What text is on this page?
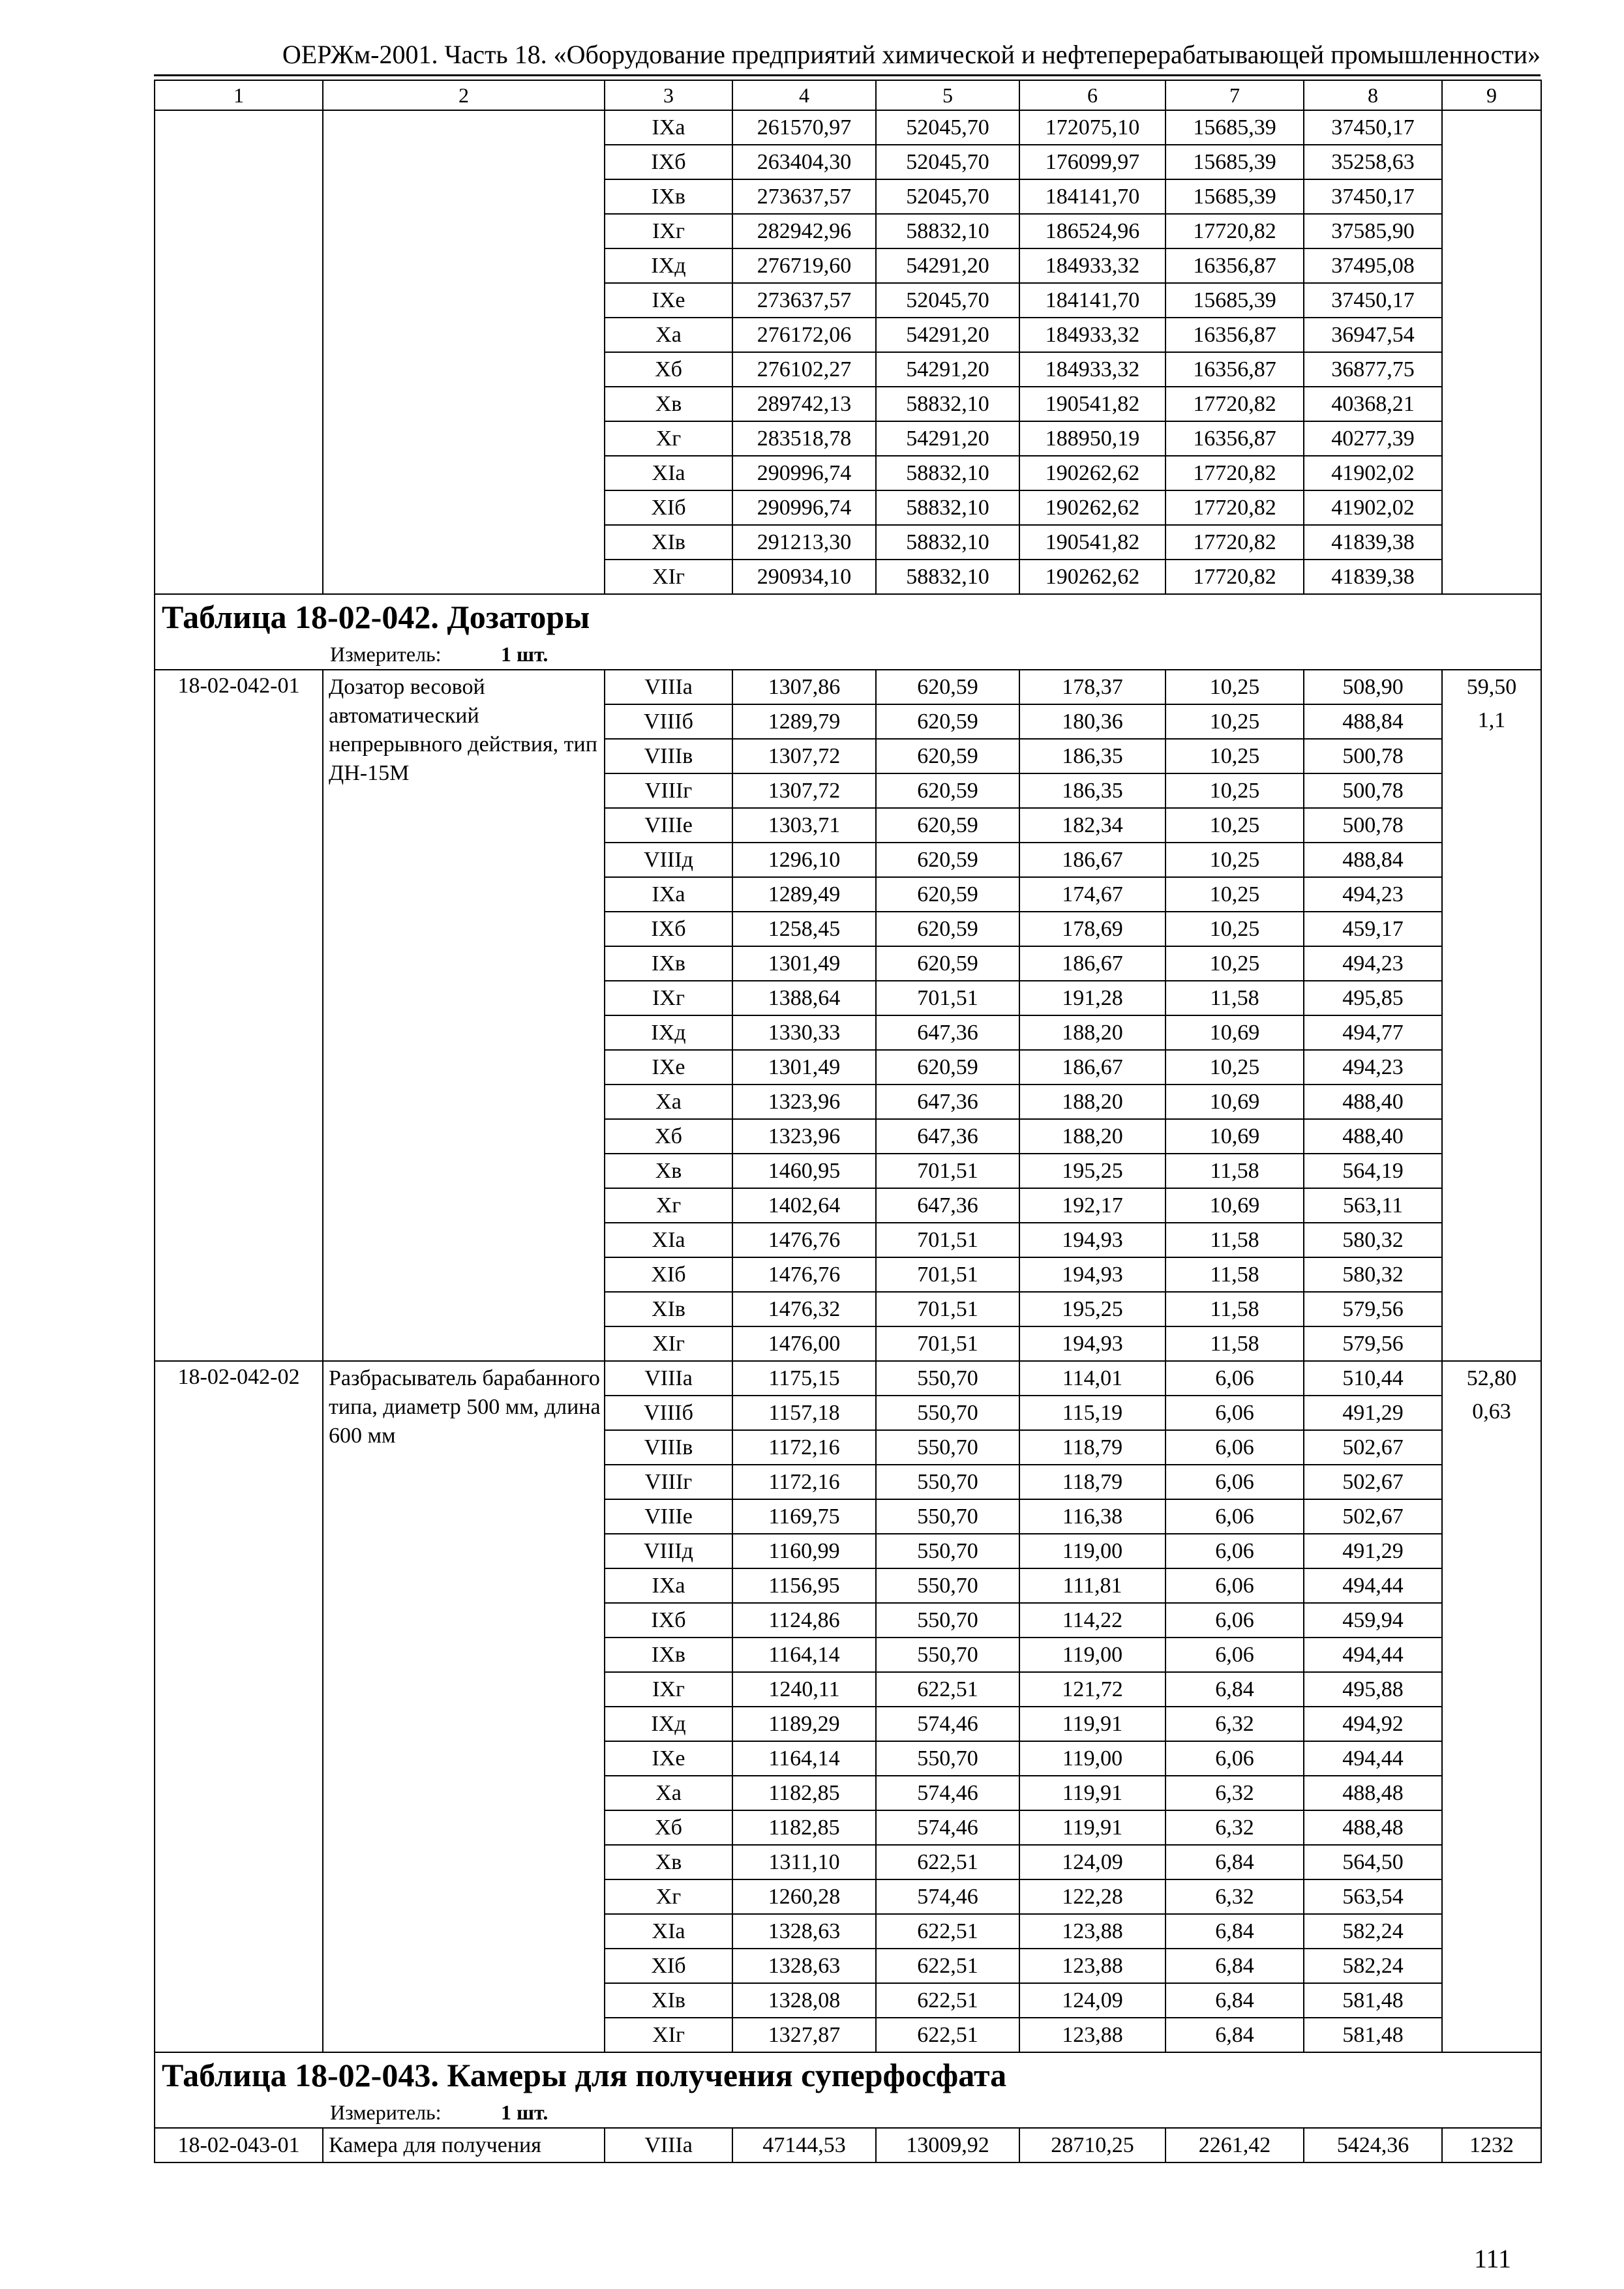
ОЕРЖм-2001. Часть 18. «Оборудование предприятий химической и нефтеперерабатывающей промышленности»
1	2	3	4	5	6	7	8	9
		IXа	261570,97	52045,70	172075,10	15685,39	37450,17	
		IXб	263404,30	52045,70	176099,97	15685,39	35258,63	
		IXв	273637,57	52045,70	184141,70	15685,39	37450,17	
		IXг	282942,96	58832,10	186524,96	17720,82	37585,90	
		IXд	276719,60	54291,20	184933,32	16356,87	37495,08	
		IXе	273637,57	52045,70	184141,70	15685,39	37450,17	
		Xа	276172,06	54291,20	184933,32	16356,87	36947,54	
		Xб	276102,27	54291,20	184933,32	16356,87	36877,75	
		Xв	289742,13	58832,10	190541,82	17720,82	40368,21	
		Xг	283518,78	54291,20	188950,19	16356,87	40277,39	
		XIа	290996,74	58832,10	190262,62	17720,82	41902,02	
		XIб	290996,74	58832,10	190262,62	17720,82	41902,02	
		XIв	291213,30	58832,10	190541,82	17720,82	41839,38	
		XIг	290934,10	58832,10	190262,62	17720,82	41839,38	
Таблица 18-02-042. Дозаторы								
Измеритель: 1 шт.								
18-02-042-01	Дозатор весовой автоматический непрерывного действия, тип ДН-15М	VIIIа	1307,86	620,59	178,37	10,25	508,90	59,50
1,1

		VIIIб	1289,79	620,59	180,36	10,25	488,84	
		VIIIв	1307,72	620,59	186,35	10,25	500,78	
		VIIIг	1307,72	620,59	186,35	10,25	500,78	
		VIIIе	1303,71	620,59	182,34	10,25	500,78	
		VIIIд	1296,10	620,59	186,67	10,25	488,84	
		IXа	1289,49	620,59	174,67	10,25	494,23	
		IXб	1258,45	620,59	178,69	10,25	459,17	
		IXв	1301,49	620,59	186,67	10,25	494,23	
		IXг	1388,64	701,51	191,28	11,58	495,85	
		IXд	1330,33	647,36	188,20	10,69	494,77	
		IXе	1301,49	620,59	186,67	10,25	494,23	
		Xа	1323,96	647,36	188,20	10,69	488,40	
		Xб	1323,96	647,36	188,20	10,69	488,40	
		Xв	1460,95	701,51	195,25	11,58	564,19	
		Xг	1402,64	647,36	192,17	10,69	563,11	
		XIа	1476,76	701,51	194,93	11,58	580,32	
		XIб	1476,76	701,51	194,93	11,58	580,32	
		XIв	1476,32	701,51	195,25	11,58	579,56	
		XIг	1476,00	701,51	194,93	11,58	579,56	
18-02-042-02	Разбрасыватель барабанного типа, диаметр 500 мм, длина 600 мм	VIIIа	1175,15	550,70	114,01	6,06	510,44	52,80
0,63

		VIIIб	1157,18	550,70	115,19	6,06	491,29	
		VIIIв	1172,16	550,70	118,79	6,06	502,67	
		VIIIг	1172,16	550,70	118,79	6,06	502,67	
		VIIIе	1169,75	550,70	116,38	6,06	502,67	
		VIIIд	1160,99	550,70	119,00	6,06	491,29	
		IXа	1156,95	550,70	111,81	6,06	494,44	
		IXб	1124,86	550,70	114,22	6,06	459,94	
		IXв	1164,14	550,70	119,00	6,06	494,44	
		IXг	1240,11	622,51	121,72	6,84	495,88	
		IXд	1189,29	574,46	119,91	6,32	494,92	
		IXе	1164,14	550,70	119,00	6,06	494,44	
		Xа	1182,85	574,46	119,91	6,32	488,48	
		Xб	1182,85	574,46	119,91	6,32	488,48	
		Xв	1311,10	622,51	124,09	6,84	564,50	
		Xг	1260,28	574,46	122,28	6,32	563,54	
		XIа	1328,63	622,51	123,88	6,84	582,24	
		XIб	1328,63	622,51	123,88	6,84	582,24	
		XIв	1328,08	622,51	124,09	6,84	581,48	
		XIг	1327,87	622,51	123,88	6,84	581,48	
Таблица 18-02-043. Камеры для получения суперфосфата								
Измеритель: 1 шт.								
18-02-043-01	Камера для получения	VIIIа	47144,53	13009,92	28710,25	2261,42	5424,36	1232
111
